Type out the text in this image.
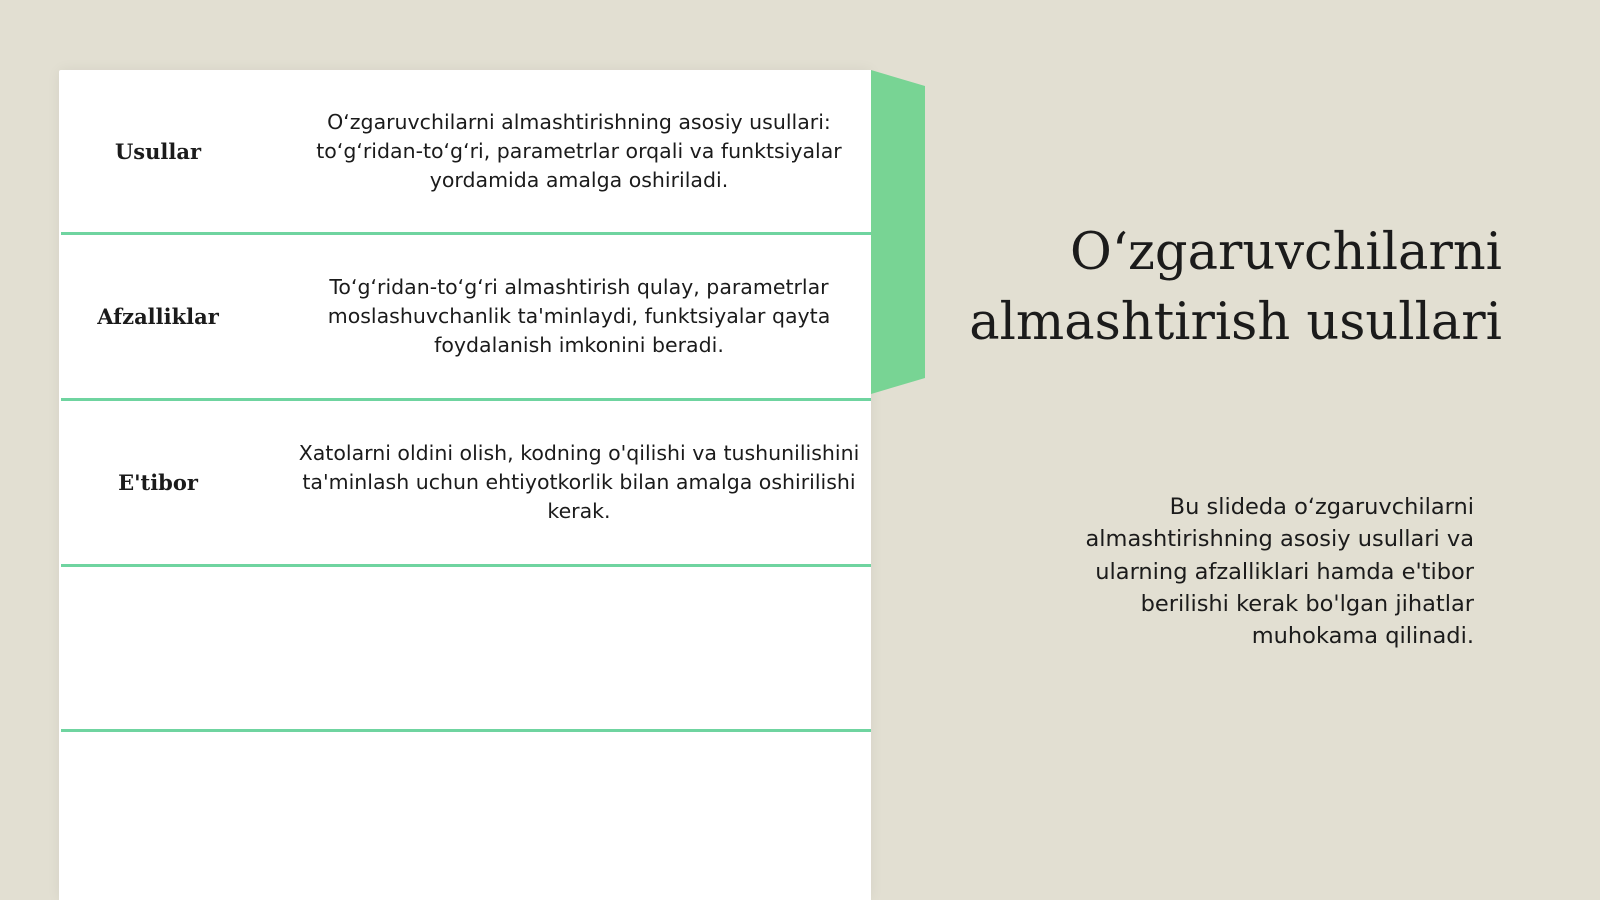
Usullar
Oʻzgaruvchilarni almashtirishning asosiy usullari:
toʻgʻridan-toʻgʻri, parametrlar orqali va funktsiyalar
yordamida amalga oshiriladi.
Afzalliklar
Toʻgʻridan-toʻgʻri almashtirish qulay, parametrlar
moslashuvchanlik ta'minlaydi, funktsiyalar qayta
foydalanish imkonini beradi.
E'tibor
Xatolarni oldini olish, kodning o'qilishi va tushunilishini
ta'minlash uchun ehtiyotkorlik bilan amalga oshirilishi
kerak.
Oʻzgaruvchilarni
almashtirish usullari
Bu slideda oʻzgaruvchilarni
almashtirishning asosiy usullari va
ularning afzalliklari hamda e'tibor
berilishi kerak bo'lgan jihatlar
muhokama qilinadi.
